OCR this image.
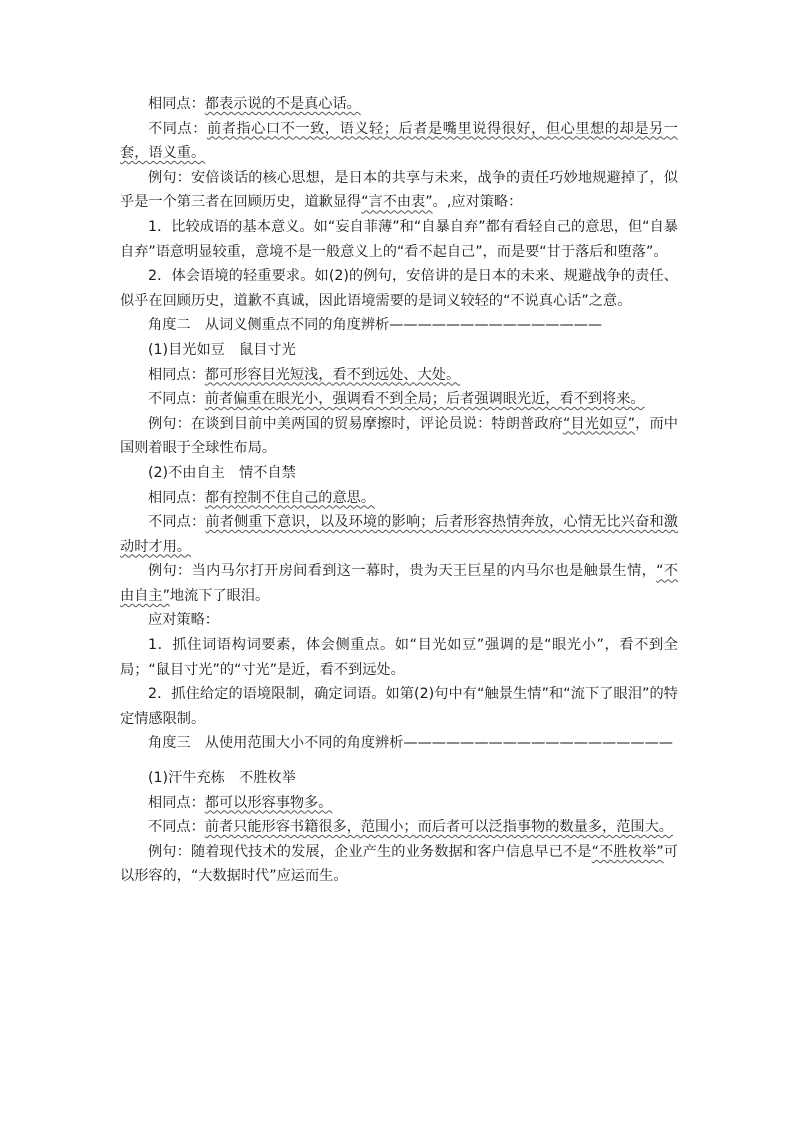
相同点：都表示说的不是真心话。

不同点：前者指心口不一致，语义轻；后者是嘴里说得很好，但心里想的却是另一套，语义重。

例句：安倍谈话的核心思想，是日本的共享与未来，战争的责任巧妙地规避掉了，似乎是一个第三者在回顾历史，道歉显得“言不由衷”。,应对策略：

1．比较成语的基本意义。如“妄自菲薄”和“自暴自弃”都有看轻自己的意思，但“自暴自弃”语意明显较重，意境不是一般意义上的“看不起自己”，而是要“甘于落后和堕落”。

2．体会语境的轻重要求。如(2)的例句，安倍讲的是日本的未来、规避战争的责任、似乎在回顾历史，道歉不真诚，因此语境需要的是词义较轻的“不说真心话”之意。

角度二　从词义侧重点不同的角度辨析———————————————

(1)目光如豆　鼠目寸光

相同点：都可形容目光短浅，看不到远处、大处。

不同点：前者偏重在眼光小，强调看不到全局；后者强调眼光近，看不到将来。

例句：在谈到目前中美两国的贸易摩擦时，评论员说：特朗普政府“目光如豆”，而中国则着眼于全球性布局。

(2)不由自主　情不自禁

相同点：都有控制不住自己的意思。

不同点：前者侧重下意识，以及环境的影响；后者形容热情奔放，心情无比兴奋和激动时才用。

例句：当内马尔打开房间看到这一幕时，贵为天王巨星的内马尔也是触景生情，“不由自主”地流下了眼泪。

应对策略：

1．抓住词语构词要素，体会侧重点。如“目光如豆”强调的是“眼光小”，看不到全局；“鼠目寸光”的“寸光”是近，看不到远处。

2．抓住给定的语境限制，确定词语。如第(2)句中有“触景生情”和“流下了眼泪”的特定情感限制。

角度三　从使用范围大小不同的角度辨析———————————————————

(1)汗牛充栋　不胜枚举

相同点：都可以形容事物多。

不同点：前者只能形容书籍很多，范围小；而后者可以泛指事物的数量多，范围大。

例句：随着现代技术的发展，企业产生的业务数据和客户信息早已不是“不胜枚举”可以形容的，“大数据时代”应运而生。
